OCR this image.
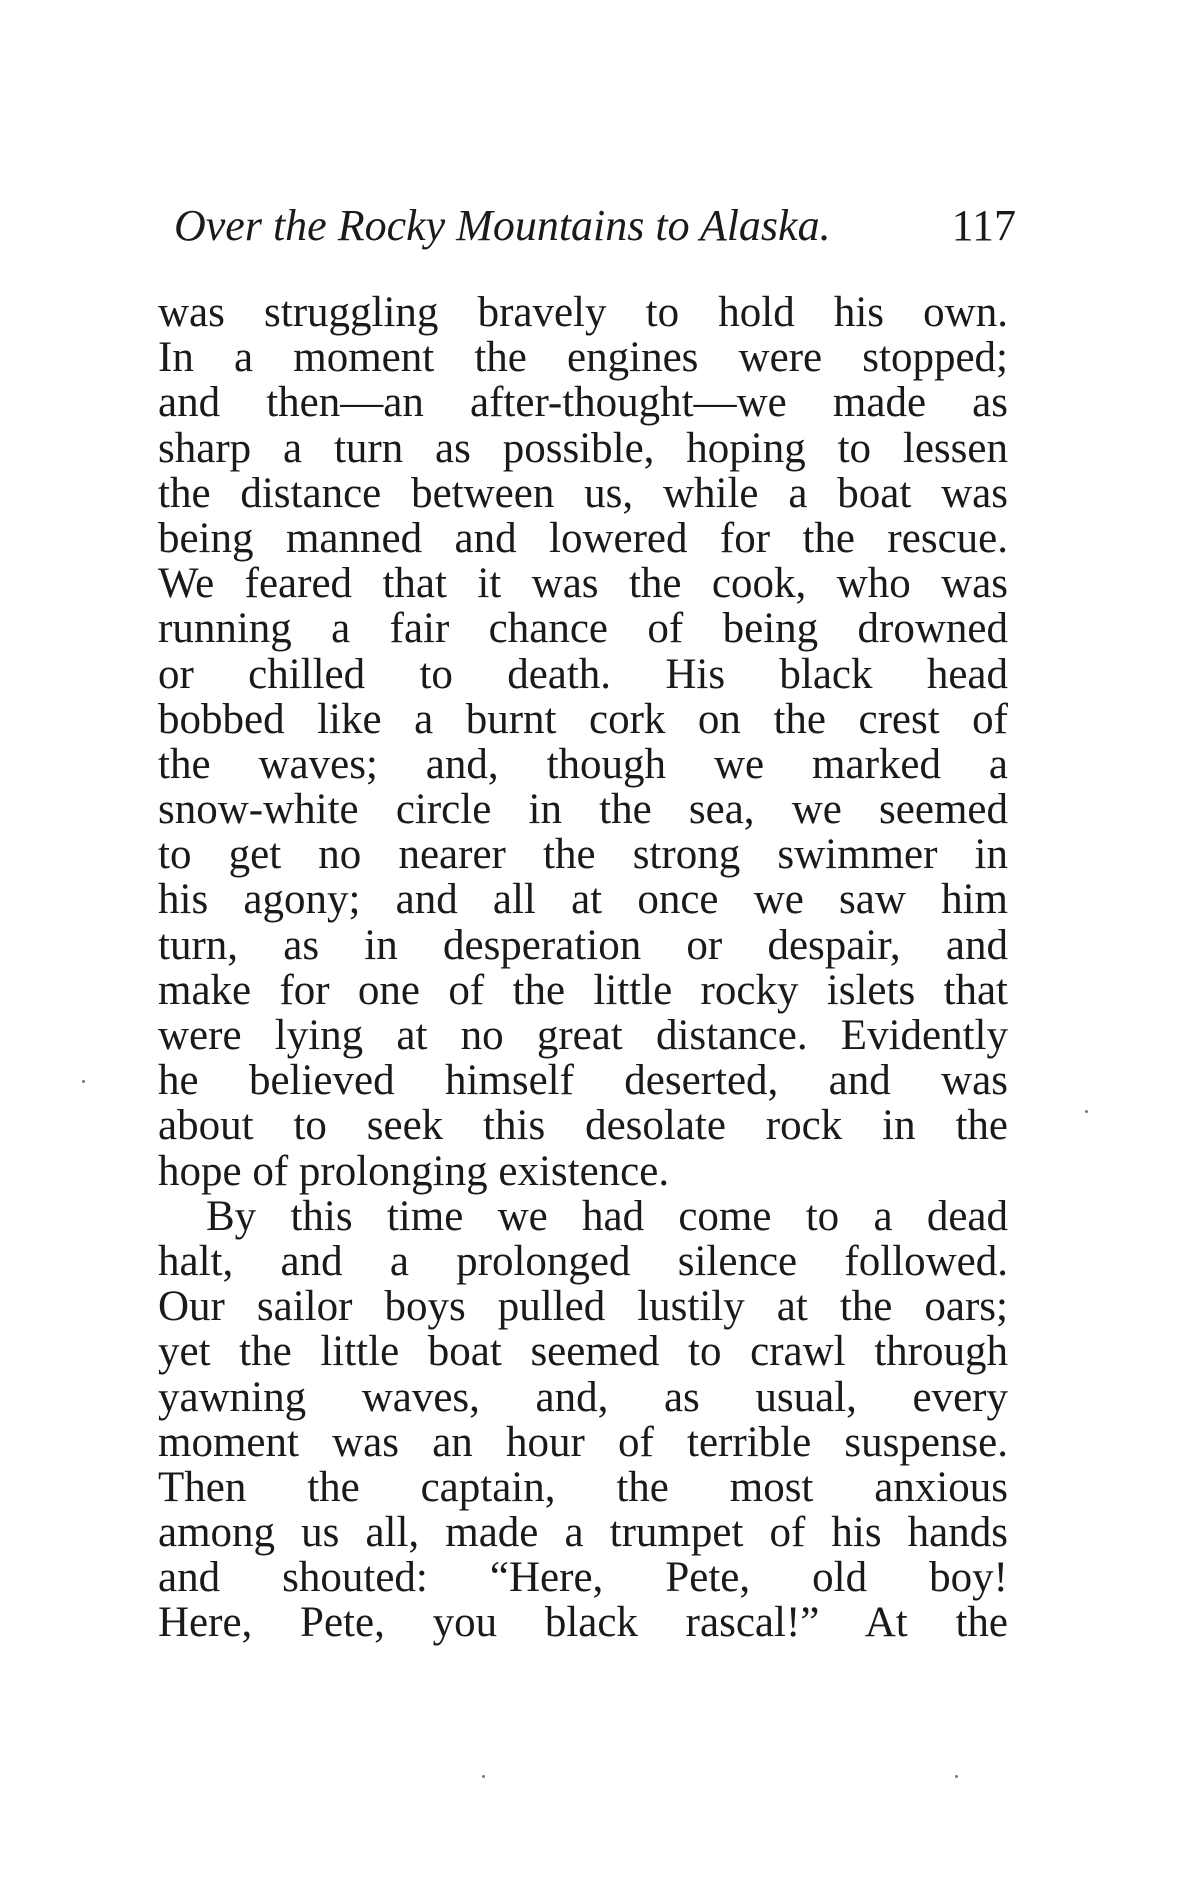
Over the Rocky Mountains to Alaska.	117
was struggling bravely to hold his own.
In a moment the engines were stopped;
and then—an after-thought—we made as
sharp a turn as possible, hoping to lessen
the distance between us, while a boat was
being manned and lowered for the rescue.
We feared that it was the cook, who was
running a fair chance of being drowned
or chilled to death. His black head
bobbed like a burnt cork on the crest of
the waves; and, though we marked a
snow-white circle in the sea, we seemed
to get no nearer the strong swimmer in
his agony; and all at once we saw him
turn, as in desperation or despair, and
make for one of the little rocky islets that
were lying at no great distance. Evidently
he believed himself deserted, and was
about to seek this desolate rock in the
hope of prolonging existence.
By this time we had come to a dead
halt, and a prolonged silence followed.
Our sailor boys pulled lustily at the oars;
yet the little boat seemed to crawl through
yawning waves, and, as usual, every
moment was an hour of terrible suspense.
Then the captain, the most anxious
among us all, made a trumpet of his hands
and shouted: “Here, Pete, old boy!
Here, Pete, you black rascal!” At the
